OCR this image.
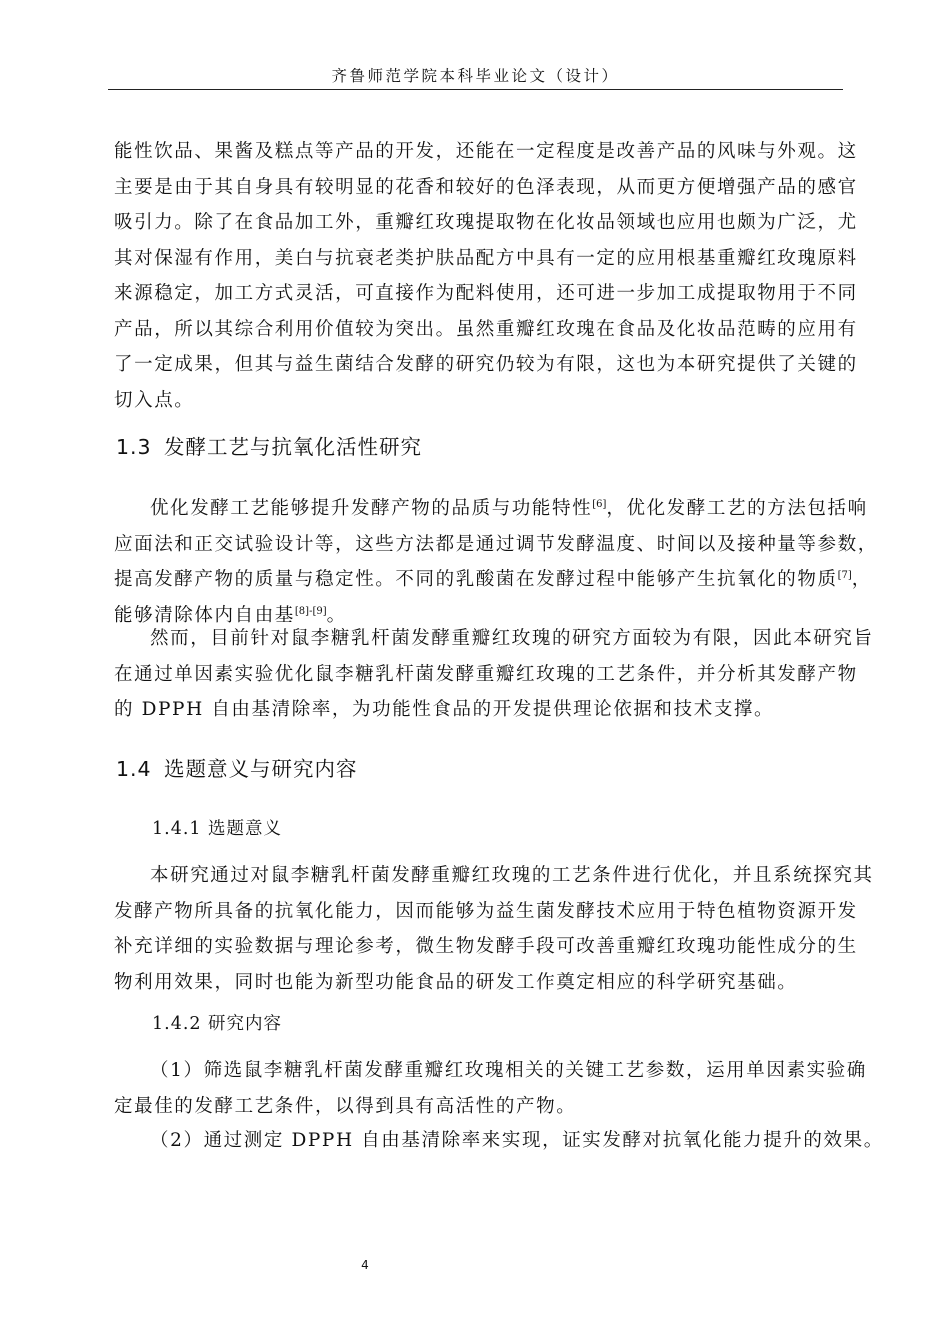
齐鲁师范学院本科毕业论文（设计）
能性饮品、果酱及糕点等产品的开发，还能在一定程度是改善产品的风味与外观。这
主要是由于其自身具有较明显的花香和较好的色泽表现，从而更方便增强产品的感官
吸引力。除了在食品加工外，重瓣红玫瑰提取物在化妆品领域也应用也颇为广泛，尤
其对保湿有作用，美白与抗衰老类护肤品配方中具有一定的应用根基重瓣红玫瑰原料
来源稳定，加工方式灵活，可直接作为配料使用，还可进一步加工成提取物用于不同
产品，所以其综合利用价值较为突出。虽然重瓣红玫瑰在食品及化妆品范畴的应用有
了一定成果，但其与益生菌结合发酵的研究仍较为有限，这也为本研究提供了关键的
切入点。
1.3 发酵工艺与抗氧化活性研究
优化发酵工艺能够提升发酵产物的品质与功能特性[6]，优化发酵工艺的方法包括响
应面法和正交试验设计等，这些方法都是通过调节发酵温度、时间以及接种量等参数，
提高发酵产物的质量与稳定性。不同的乳酸菌在发酵过程中能够产生抗氧化的物质[7]，
能够清除体内自由基[8]-[9]。
然而，目前针对鼠李糖乳杆菌发酵重瓣红玫瑰的研究方面较为有限，因此本研究旨
在通过单因素实验优化鼠李糖乳杆菌发酵重瓣红玫瑰的工艺条件，并分析其发酵产物
的 DPPH 自由基清除率，为功能性食品的开发提供理论依据和技术支撑。
1.4 选题意义与研究内容
1.4.1 选题意义
本研究通过对鼠李糖乳杆菌发酵重瓣红玫瑰的工艺条件进行优化，并且系统探究其
发酵产物所具备的抗氧化能力，因而能够为益生菌发酵技术应用于特色植物资源开发
补充详细的实验数据与理论参考，微生物发酵手段可改善重瓣红玫瑰功能性成分的生
物利用效果，同时也能为新型功能食品的研发工作奠定相应的科学研究基础。
1.4.2 研究内容
（1）筛选鼠李糖乳杆菌发酵重瓣红玫瑰相关的关键工艺参数，运用单因素实验确
定最佳的发酵工艺条件，以得到具有高活性的产物。
（2）通过测定 DPPH 自由基清除率来实现，证实发酵对抗氧化能力提升的效果。
4
